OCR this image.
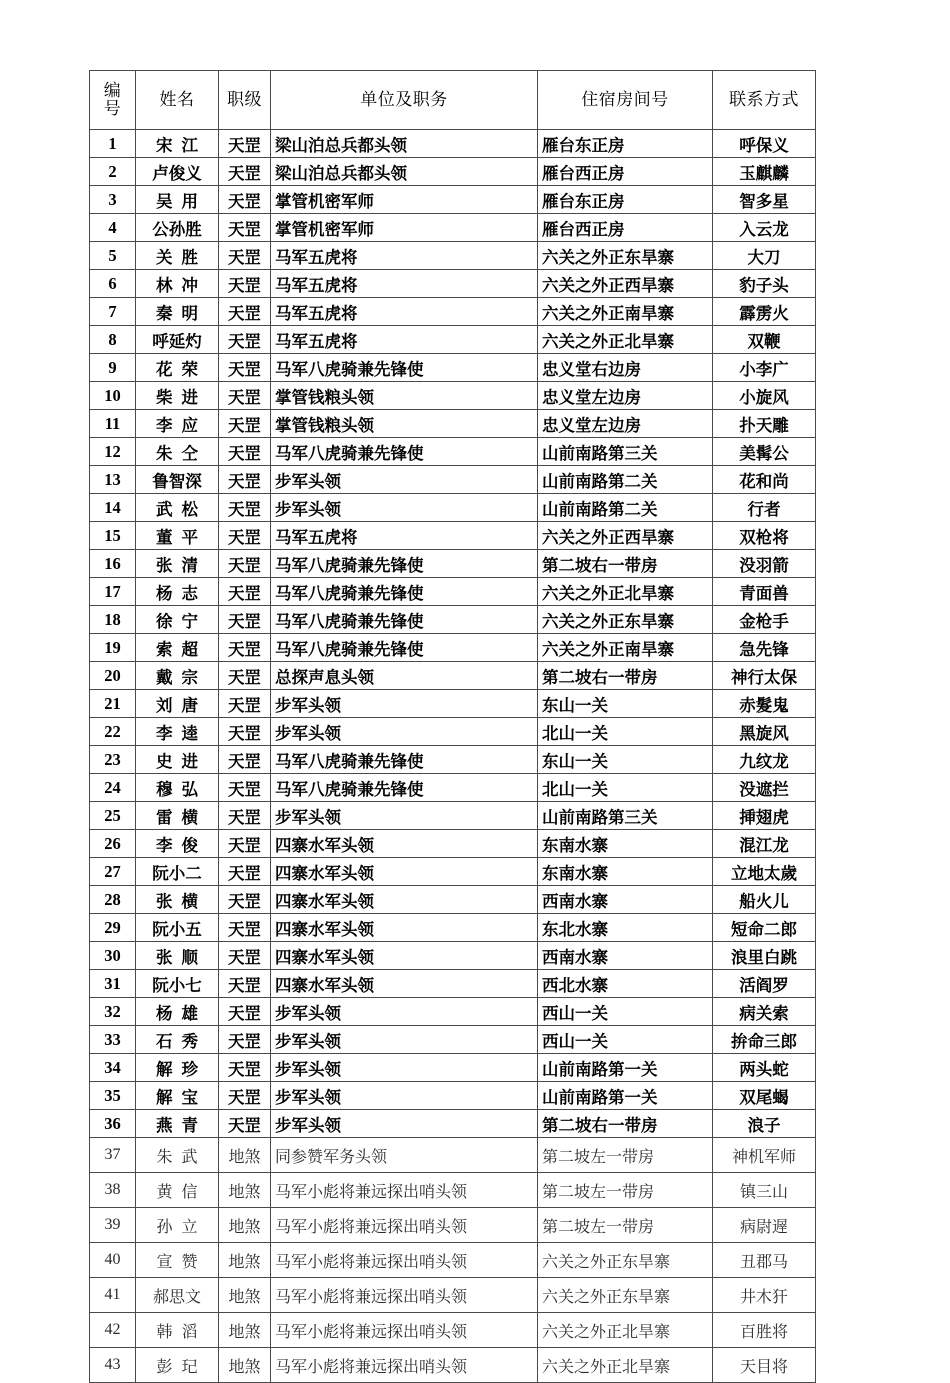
编号	姓名	职级	单位及职务	住宿房间号	联系方式
1	宋江	天罡	梁山泊总兵都头领	雁台东正房	呼保义
2	卢俊义	天罡	梁山泊总兵都头领	雁台西正房	玉麒麟
3	吴用	天罡	掌管机密军师	雁台东正房	智多星
4	公孙胜	天罡	掌管机密军师	雁台西正房	入云龙
5	关胜	天罡	马军五虎将	六关之外正东旱寨	大刀
6	林冲	天罡	马军五虎将	六关之外正西旱寨	豹子头
7	秦明	天罡	马军五虎将	六关之外正南旱寨	霹雳火
8	呼延灼	天罡	马军五虎将	六关之外正北旱寨	双鞭
9	花荣	天罡	马军八虎骑兼先锋使	忠义堂右边房	小李广
10	柴进	天罡	掌管钱粮头领	忠义堂左边房	小旋风
11	李应	天罡	掌管钱粮头领	忠义堂左边房	扑天雕
12	朱仝	天罡	马军八虎骑兼先锋使	山前南路第三关	美髯公
13	鲁智深	天罡	步军头领	山前南路第二关	花和尚
14	武松	天罡	步军头领	山前南路第二关	行者
15	董平	天罡	马军五虎将	六关之外正西旱寨	双枪将
16	张清	天罡	马军八虎骑兼先锋使	第二坡右一带房	没羽箭
17	杨志	天罡	马军八虎骑兼先锋使	六关之外正北旱寨	青面兽
18	徐宁	天罡	马军八虎骑兼先锋使	六关之外正东旱寨	金枪手
19	索超	天罡	马军八虎骑兼先锋使	六关之外正南旱寨	急先锋
20	戴宗	天罡	总探声息头领	第二坡右一带房	神行太保
21	刘唐	天罡	步军头领	东山一关	赤髮鬼
22	李逵	天罡	步军头领	北山一关	黑旋风
23	史进	天罡	马军八虎骑兼先锋使	东山一关	九纹龙
24	穆弘	天罡	马军八虎骑兼先锋使	北山一关	没遮拦
25	雷横	天罡	步军头领	山前南路第三关	挿翅虎
26	李俊	天罡	四寨水军头领	东南水寨	混江龙
27	阮小二	天罡	四寨水军头领	东南水寨	立地太歲
28	张横	天罡	四寨水军头领	西南水寨	船火儿
29	阮小五	天罡	四寨水军头领	东北水寨	短命二郎
30	张顺	天罡	四寨水军头领	西南水寨	浪里白跳
31	阮小七	天罡	四寨水军头领	西北水寨	活阎罗
32	杨雄	天罡	步军头领	西山一关	病关索
33	石秀	天罡	步军头领	西山一关	拚命三郎
34	解珍	天罡	步军头领	山前南路第一关	两头蛇
35	解宝	天罡	步军头领	山前南路第一关	双尾蝎
36	燕青	天罡	步军头领	第二坡右一带房	浪子
37	朱武	地煞	同参赞军务头领	第二坡左一带房	神机军师
38	黄信	地煞	马军小彪将兼远探出哨头领	第二坡左一带房	镇三山
39	孙立	地煞	马军小彪将兼远探出哨头领	第二坡左一带房	病尉遟
40	宣赞	地煞	马军小彪将兼远探出哨头领	六关之外正东旱寨	丑郡马
41	郝思文	地煞	马军小彪将兼远探出哨头领	六关之外正东旱寨	井木犴
42	韩滔	地煞	马军小彪将兼远探出哨头领	六关之外正北旱寨	百胜将
43	彭玘	地煞	马军小彪将兼远探出哨头领	六关之外正北旱寨	天目将
